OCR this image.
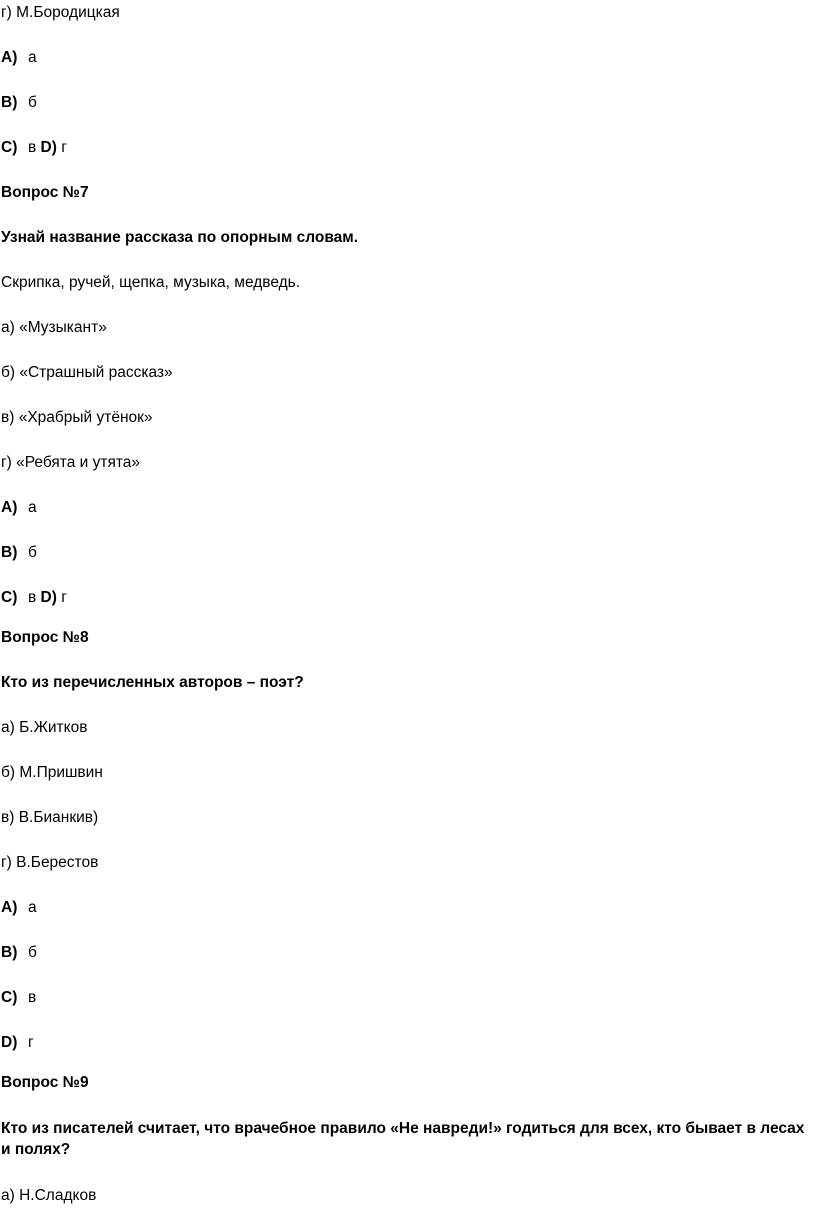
г) М.Бородицкая
A) а
B) б
C) в D) г
Вопрос №7
Узнай название рассказа по опорным словам.
Скрипка, ручей, щепка, музыка, медведь.
а) «Музыкант»
б) «Страшный рассказ»
в) «Храбрый утёнок»
г) «Ребята и утята»
A) а
B) б
C) в D) г
Вопрос №8
Кто из перечисленных авторов – поэт?
а) Б.Житков
б) М.Пришвин
в) В.Бианкив)
г) В.Берестов
A) а
B) б
C) в
D) г
Вопрос №9
Кто из писателей считает, что врачебное правило «Не навреди!» годиться для всех, кто бывает в лесах и полях?
а) Н.Сладков
